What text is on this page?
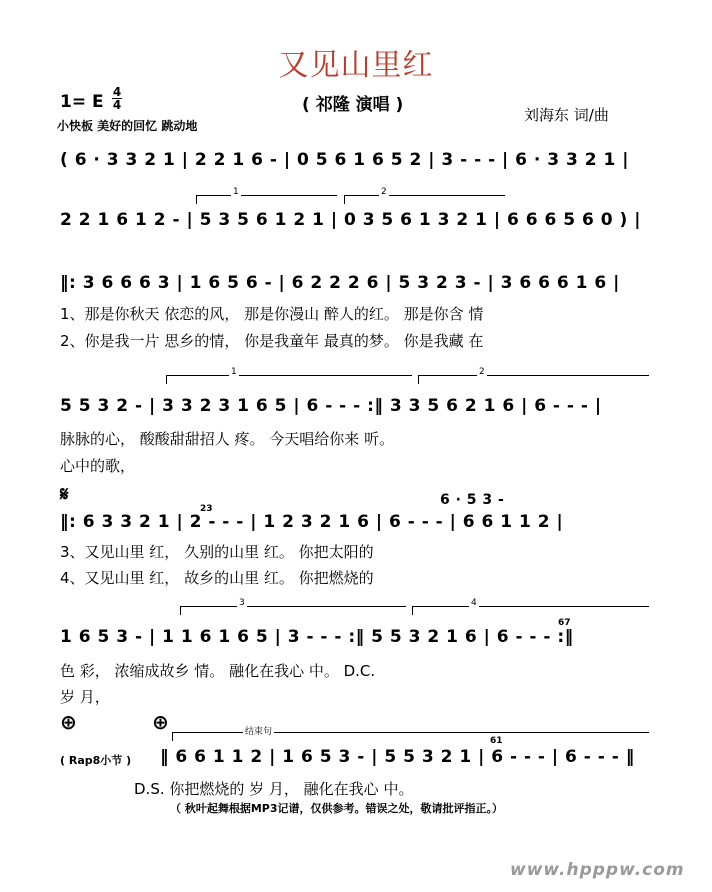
又见山里红
1= E 4
4	( 祁隆 演唱 )	刘海东 词/曲
小快板 美好的回忆 跳动地
( 6 · 3 3 2 1 | 2 2 1 6 - | 0 5 6 1 6 5 2 | 3 - - - | 6 · 3 3 2 1 |
1	2
2 2 1 6 1 2 - | 5 3 5 6 1 2 1 | 0 3 5 6 1 3 2 1 | 6 6 6 5 6 0 ) |
‖: 3 6 6 6 3 | 1 6 5 6 - | 6 2 2 2 6 | 5 3 2 3 - | 3 6 6 6 1 6 |
1、那是你秋天 依恋的风， 那是你漫山 醉人的红。 那是你含 情
2、你是我一片 思乡的情， 你是我童年 最真的梦。 你是我藏 在
1	2
5 5 3 2 - | 3 3 2 3 1 6 5 | 6 - - - :‖ 3 3 5 6 2 1 6 | 6 - - - |
脉脉的心， 酸酸甜甜招人 疼。 今天唱给你来 听。
心中的歌，
𝄋	6 · 5 3 -
23
‖: 6 3 3 2 1 | 2 - - - | 1 2 3 2 1 6 | 6 - - - | 6 6 1 1 2 |
3、又见山里 红， 久别的山里 红。 你把太阳的
4、又见山里 红， 故乡的山里 红。 你把燃烧的
3	4
67
1 6 5 3 - | 1 1 6 1 6 5 | 3 - - - :‖ 5 5 3 2 1 6 | 6 - - - :‖
色 彩， 浓缩成故乡 情。 融化在我心 中。 D.C.
岁 月，
⊕	⊕	结束句
( Rap8小节 )
61
‖ 6 6 1 1 2 | 1 6 5 3 - | 5 5 3 2 1 | 6 - - - | 6 - - - ‖
D.S. 你把燃烧的 岁 月， 融化在我心 中。
（ 秋叶起舞根据MP3记谱，仅供参考。错误之处，敬请批评指正。）
www.hpppw.com
